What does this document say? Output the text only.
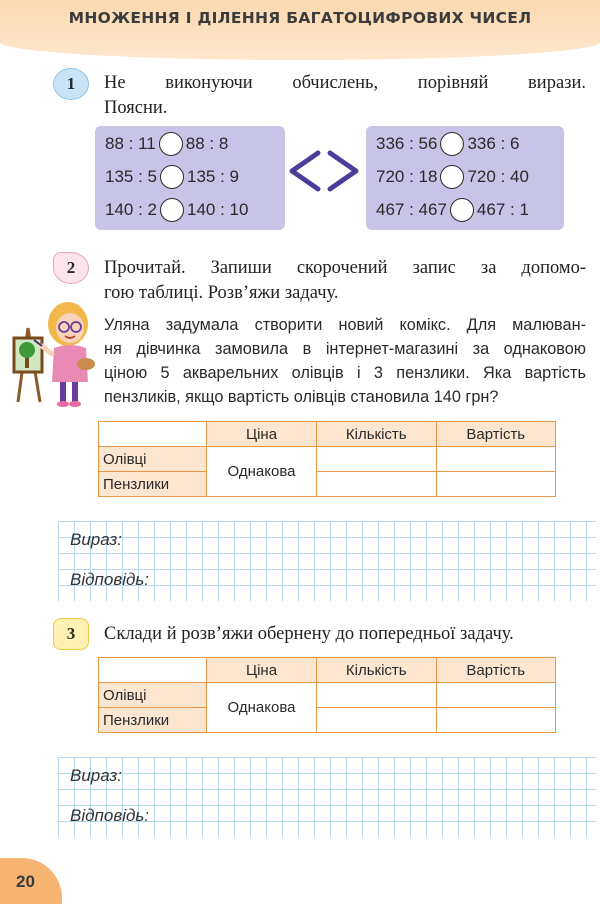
МНОЖЕННЯ І ДІЛЕННЯ БАГАТОЦИФРОВИХ ЧИСЕЛ
1	Не виконуючи обчислень, порівняй вирази.
Поясни.
88 : 11 88 : 8
135 : 5 135 : 9
140 : 2 140 : 10
336 : 56 336 : 6
720 : 18 720 : 40
467 : 467 467 : 1
2	Прочитай. Запиши скорочений запис за допомо-
гою таблиці. Розв’яжи задачу.
Уляна задумала створити новий комікс. Для малюван-
ня дівчинка замовила в інтернет-магазині за однаковою
ціною 5 акварельних олівців і 3 пензлики. Яка вартість
пензликів, якщо вартість олівців становила 140 грн?
	Ціна	Кількість	Вартість
Олівці	Однакова		
Пензлики			
Вираз:
Відповідь:
3	Склади й розв’яжи обернену до попередньої задачу.
	Ціна	Кількість	Вартість
Олівці	Однакова		
Пензлики			
Вираз:
Відповідь:
20
